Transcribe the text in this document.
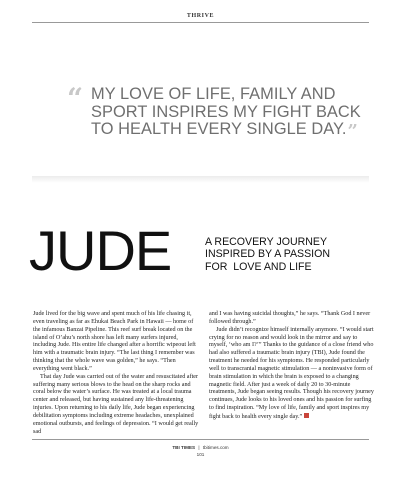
THRIVE
“ MY LOVE OF LIFE, FAMILY AND SPORT INSPIRES MY FIGHT BACK TO HEALTH EVERY SINGLE DAY.”
JUDE	A RECOVERY JOURNEY
INSPIRED BY A PASSION
FOR  LOVE AND LIFE

Jude lived for the big wave and spent much of his life chasing it, even traveling as far as Ehukai Beach Park in Hawaii — home of the infamous Banzai Pipeline. This reef surf break located on the island of O’ahu’s north shore has left many surfers injured, including Jude. His entire life changed after a horrific wipeout left him with a traumatic brain injury. “The last thing I remember was thinking that the whole wave was golden,” he says. “Then everything went black.”

That day Jude was carried out of the water and resuscitated after suffering many serious blows to the head on the sharp rocks and coral below the water’s surface. He was treated at a local trauma center and released, but having sustained any life-threatening injuries. Upon returning to his daily life, Jude began experiencing debilitation symptoms including extreme headaches, unexplained emotional outbursts, and feelings of depression. “I would get really sad

and I was having suicidal thoughts,” he says. “Thank God I never followed through.”

Jude didn’t recognize himself internally anymore. “I would start crying for no reason and would look in the mirror and say to myself, ‘who am I?’” Thanks to the guidance of a close friend who had also suffered a traumatic brain injury (TBI), Jude found the treatment he needed for his symptoms. He responded particularly well to transcranial magnetic stimulation — a noninvasive form of brain stimulation in which the brain is exposed to a changing magnetic field. After just a week of daily 20 to 30-minute treatments, Jude began seeing results. Though his recovery journey continues, Jude looks to his loved ones and his passion for surfing to find inspiration. “My love of life, family and sport inspires my fight back to health every single day.”

TBI TIMES | tbitimes.com
101
